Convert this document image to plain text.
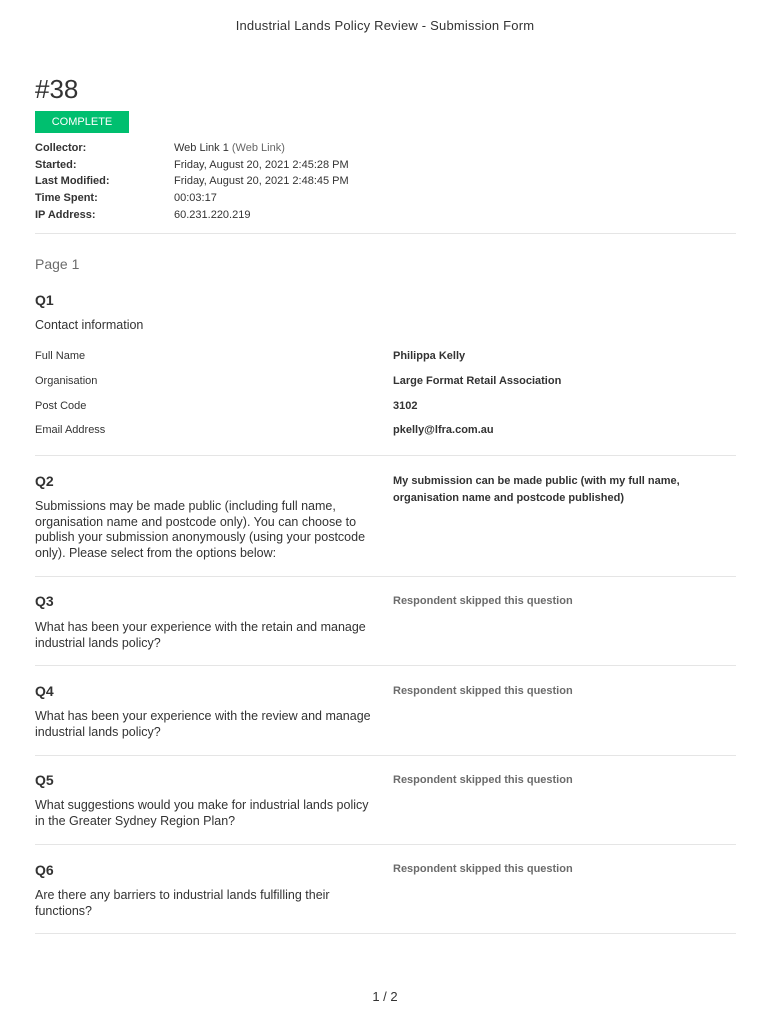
Industrial Lands Policy Review - Submission Form
#38
COMPLETE
Collector:	Web Link 1 (Web Link)
Started:	Friday, August 20, 2021 2:45:28 PM
Last Modified:	Friday, August 20, 2021 2:48:45 PM
Time Spent:	00:03:17
IP Address:	60.231.220.219
Page 1
Q1
Contact information
Full Name	Philippa Kelly
Organisation	Large Format Retail Association
Post Code	3102
Email Address	pkelly@lfra.com.au
Q2
Submissions may be made public (including full name, organisation name and postcode only). You can choose to publish your submission anonymously (using your postcode only). Please select from the options below:
My submission can be made public (with my full name, organisation name and postcode published)
Q3
What has been your experience with the retain and manage industrial lands policy?
Respondent skipped this question
Q4
What has been your experience with the review and manage industrial lands policy?
Respondent skipped this question
Q5
What suggestions would you make for industrial lands policy in the Greater Sydney Region Plan?
Respondent skipped this question
Q6
Are there any barriers to industrial lands fulfilling their functions?
Respondent skipped this question
1 / 2
